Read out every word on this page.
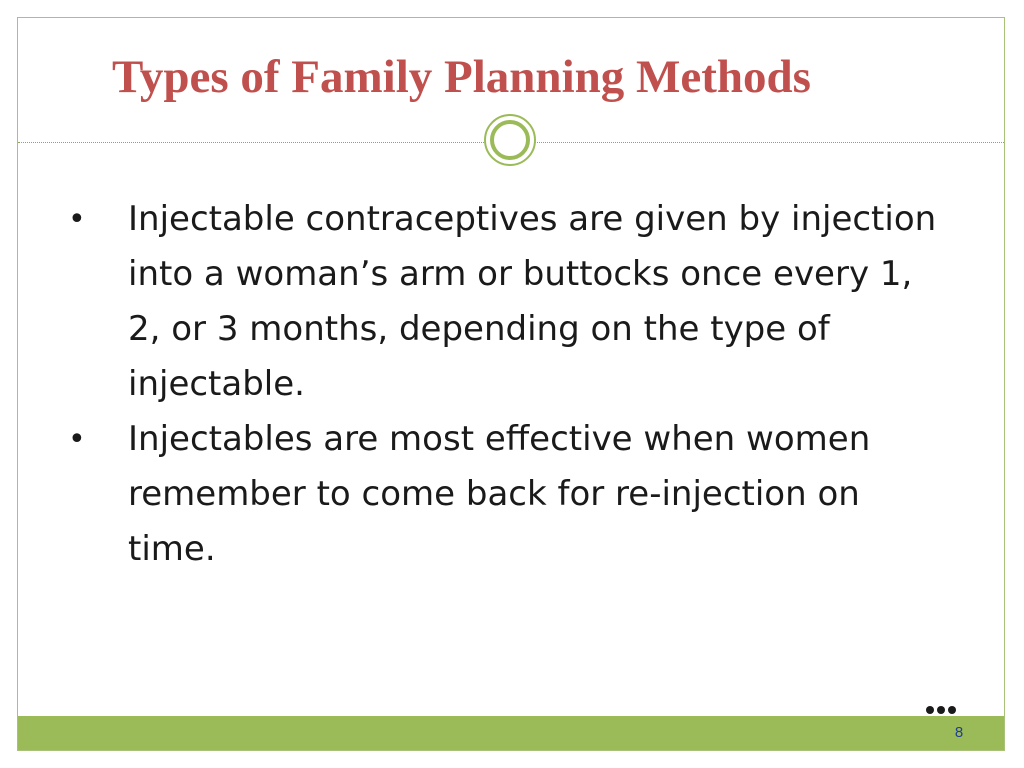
Types of Family Planning Methods
• Injectable contraceptives are given by injection into a woman’s arm or buttocks once every 1, 2, or 3 months, depending on the type of injectable.
• Injectables are most effective when women remember to come back for re-injection on time.
8
